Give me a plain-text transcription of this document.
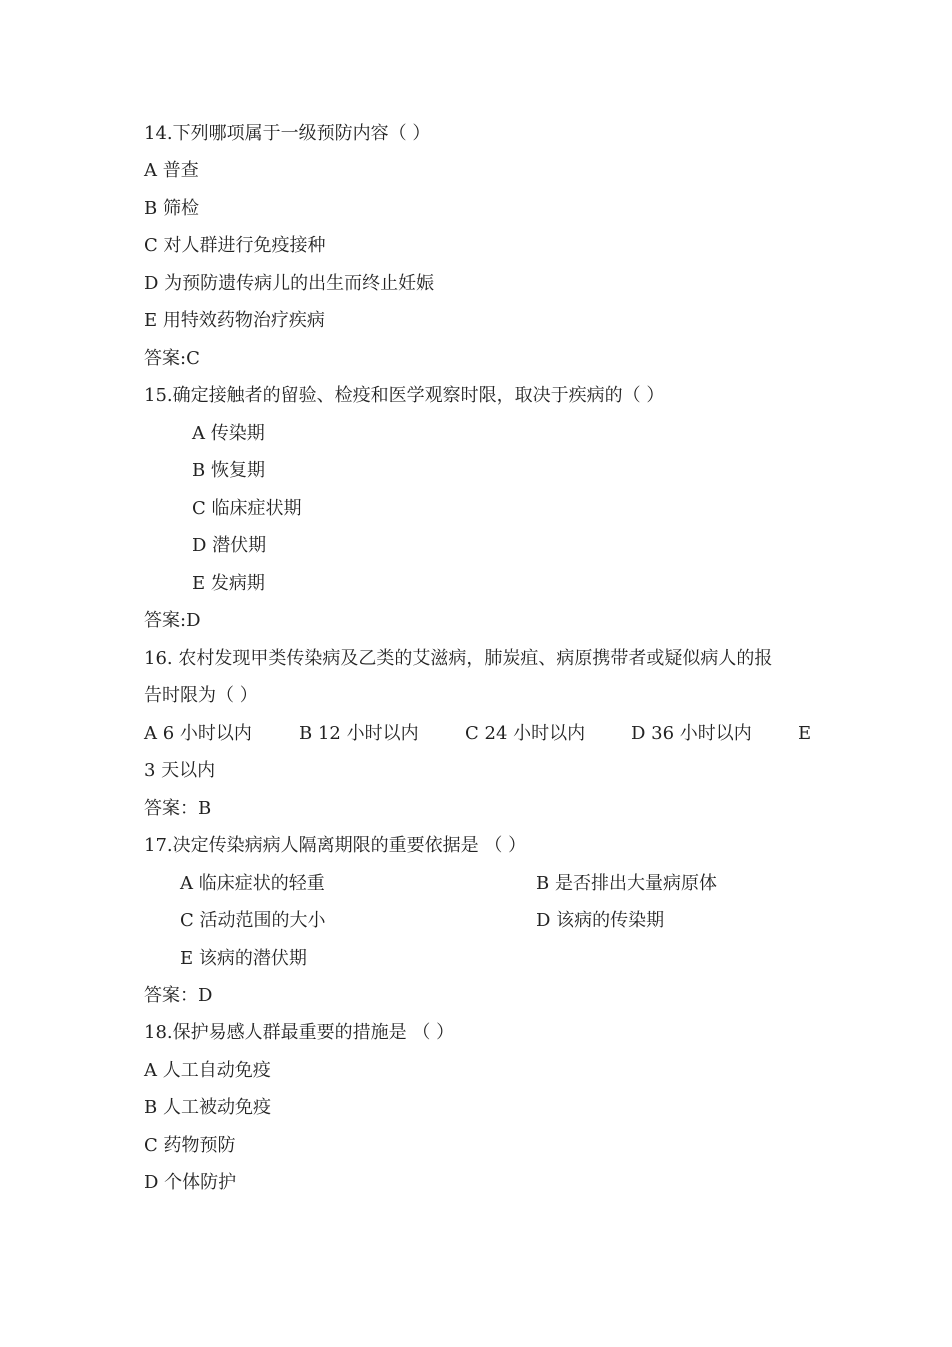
14.下列哪项属于一级预防内容（ ）
A 普查
B 筛检
C 对人群进行免疫接种
D 为预防遗传病儿的出生而终止妊娠
E 用特效药物治疗疾病
答案:C
15.确定接触者的留验、检疫和医学观察时限，取决于疾病的（ ）
A 传染期
B 恢复期
C 临床症状期
D 潜伏期
E 发病期
答案:D
16. 农村发现甲类传染病及乙类的艾滋病，肺炭疽、病原携带者或疑似病人的报
告时限为（ ）
A 6 小时以内	B 12 小时以内	C 24 小时以内	D 36 小时以内	E
3 天以内
答案：B
17.决定传染病病人隔离期限的重要依据是 （ ）
A 临床症状的轻重	B 是否排出大量病原体
C 活动范围的大小	D 该病的传染期
E 该病的潜伏期
答案：D
18.保护易感人群最重要的措施是 （ ）
A 人工自动免疫
B 人工被动免疫
C 药物预防
D 个体防护
